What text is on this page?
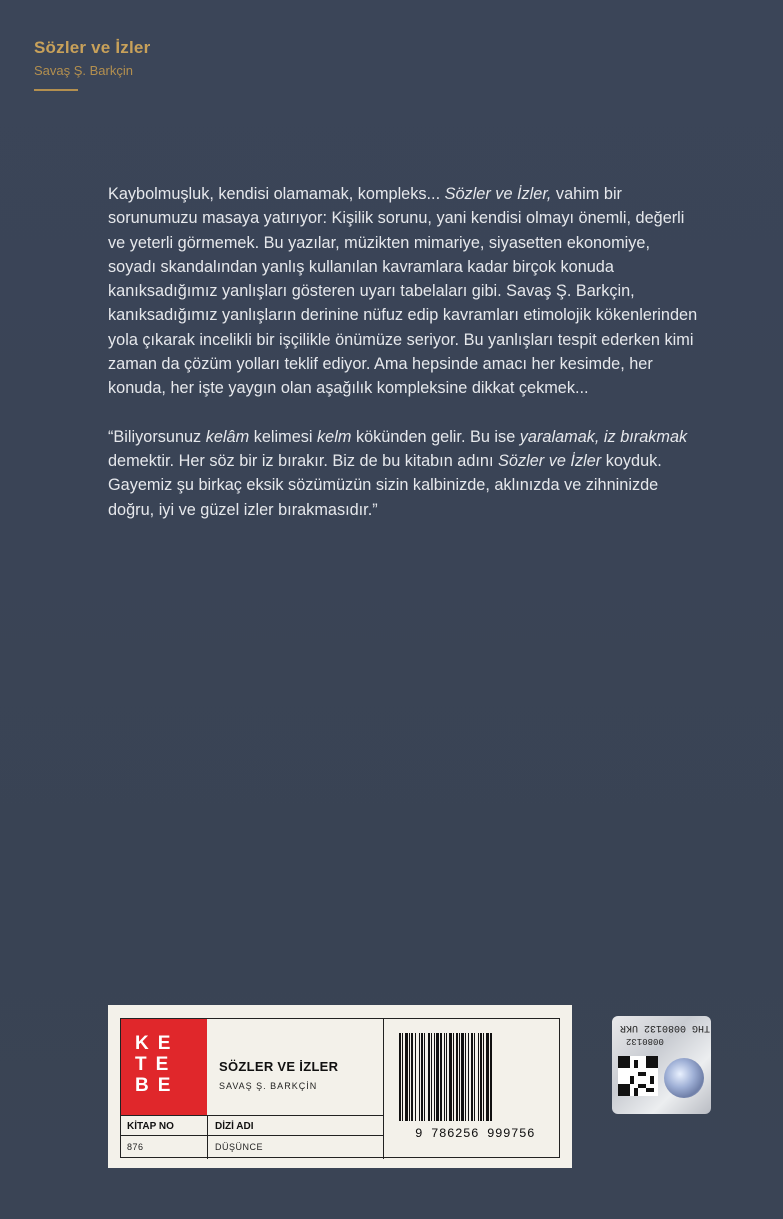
Sözler ve İzler
Savaş Ş. Barkçin

Kaybolmuşluk, kendisi olamamak, kompleks... Sözler ve İzler, vahim bir sorunumuzu masaya yatırıyor: Kişilik sorunu, yani kendisi olmayı önemli, değerli ve yeterli görmemek. Bu yazılar, müzikten mimariye, siyasetten ekonomiye, soyadı skandalından yanlış kullanılan kavramlara kadar birçok konuda kanıksadığımız yanlışları gösteren uyarı tabelaları gibi. Savaş Ş. Barkçin, kanıksadığımız yanlışların derinine nüfuz edip kavramları etimolojik kökenlerinden yola çıkarak incelikli bir işçilikle önümüze seriyor. Bu yanlışları tespit ederken kimi zaman da çözüm yolları teklif ediyor. Ama hepsinde amacı her kesimde, her konuda, her işte yaygın olan aşağılık kompleksine dikkat çekmek...

“Biliyorsunuz kelâm kelimesi kelm kökünden gelir. Bu ise yaralamak, iz bırakmak demektir. Her söz bir iz bırakır. Biz de bu kitabın adını Sözler ve İzler koyduk. Gayemiz şu birkaç eksik sözümüzün sizin kalbinizde, aklınızda ve zihninizde doğru, iyi ve güzel izler bırakmasıdır.”

KE
TE
BE
SÖZLER VE İZLER
SAVAŞ Ş. BARKÇİN
KİTAP NO	DİZİ ADI
876	DÜŞÜNCE
9 786256 999756
THG 0080132 UKR
0080132
